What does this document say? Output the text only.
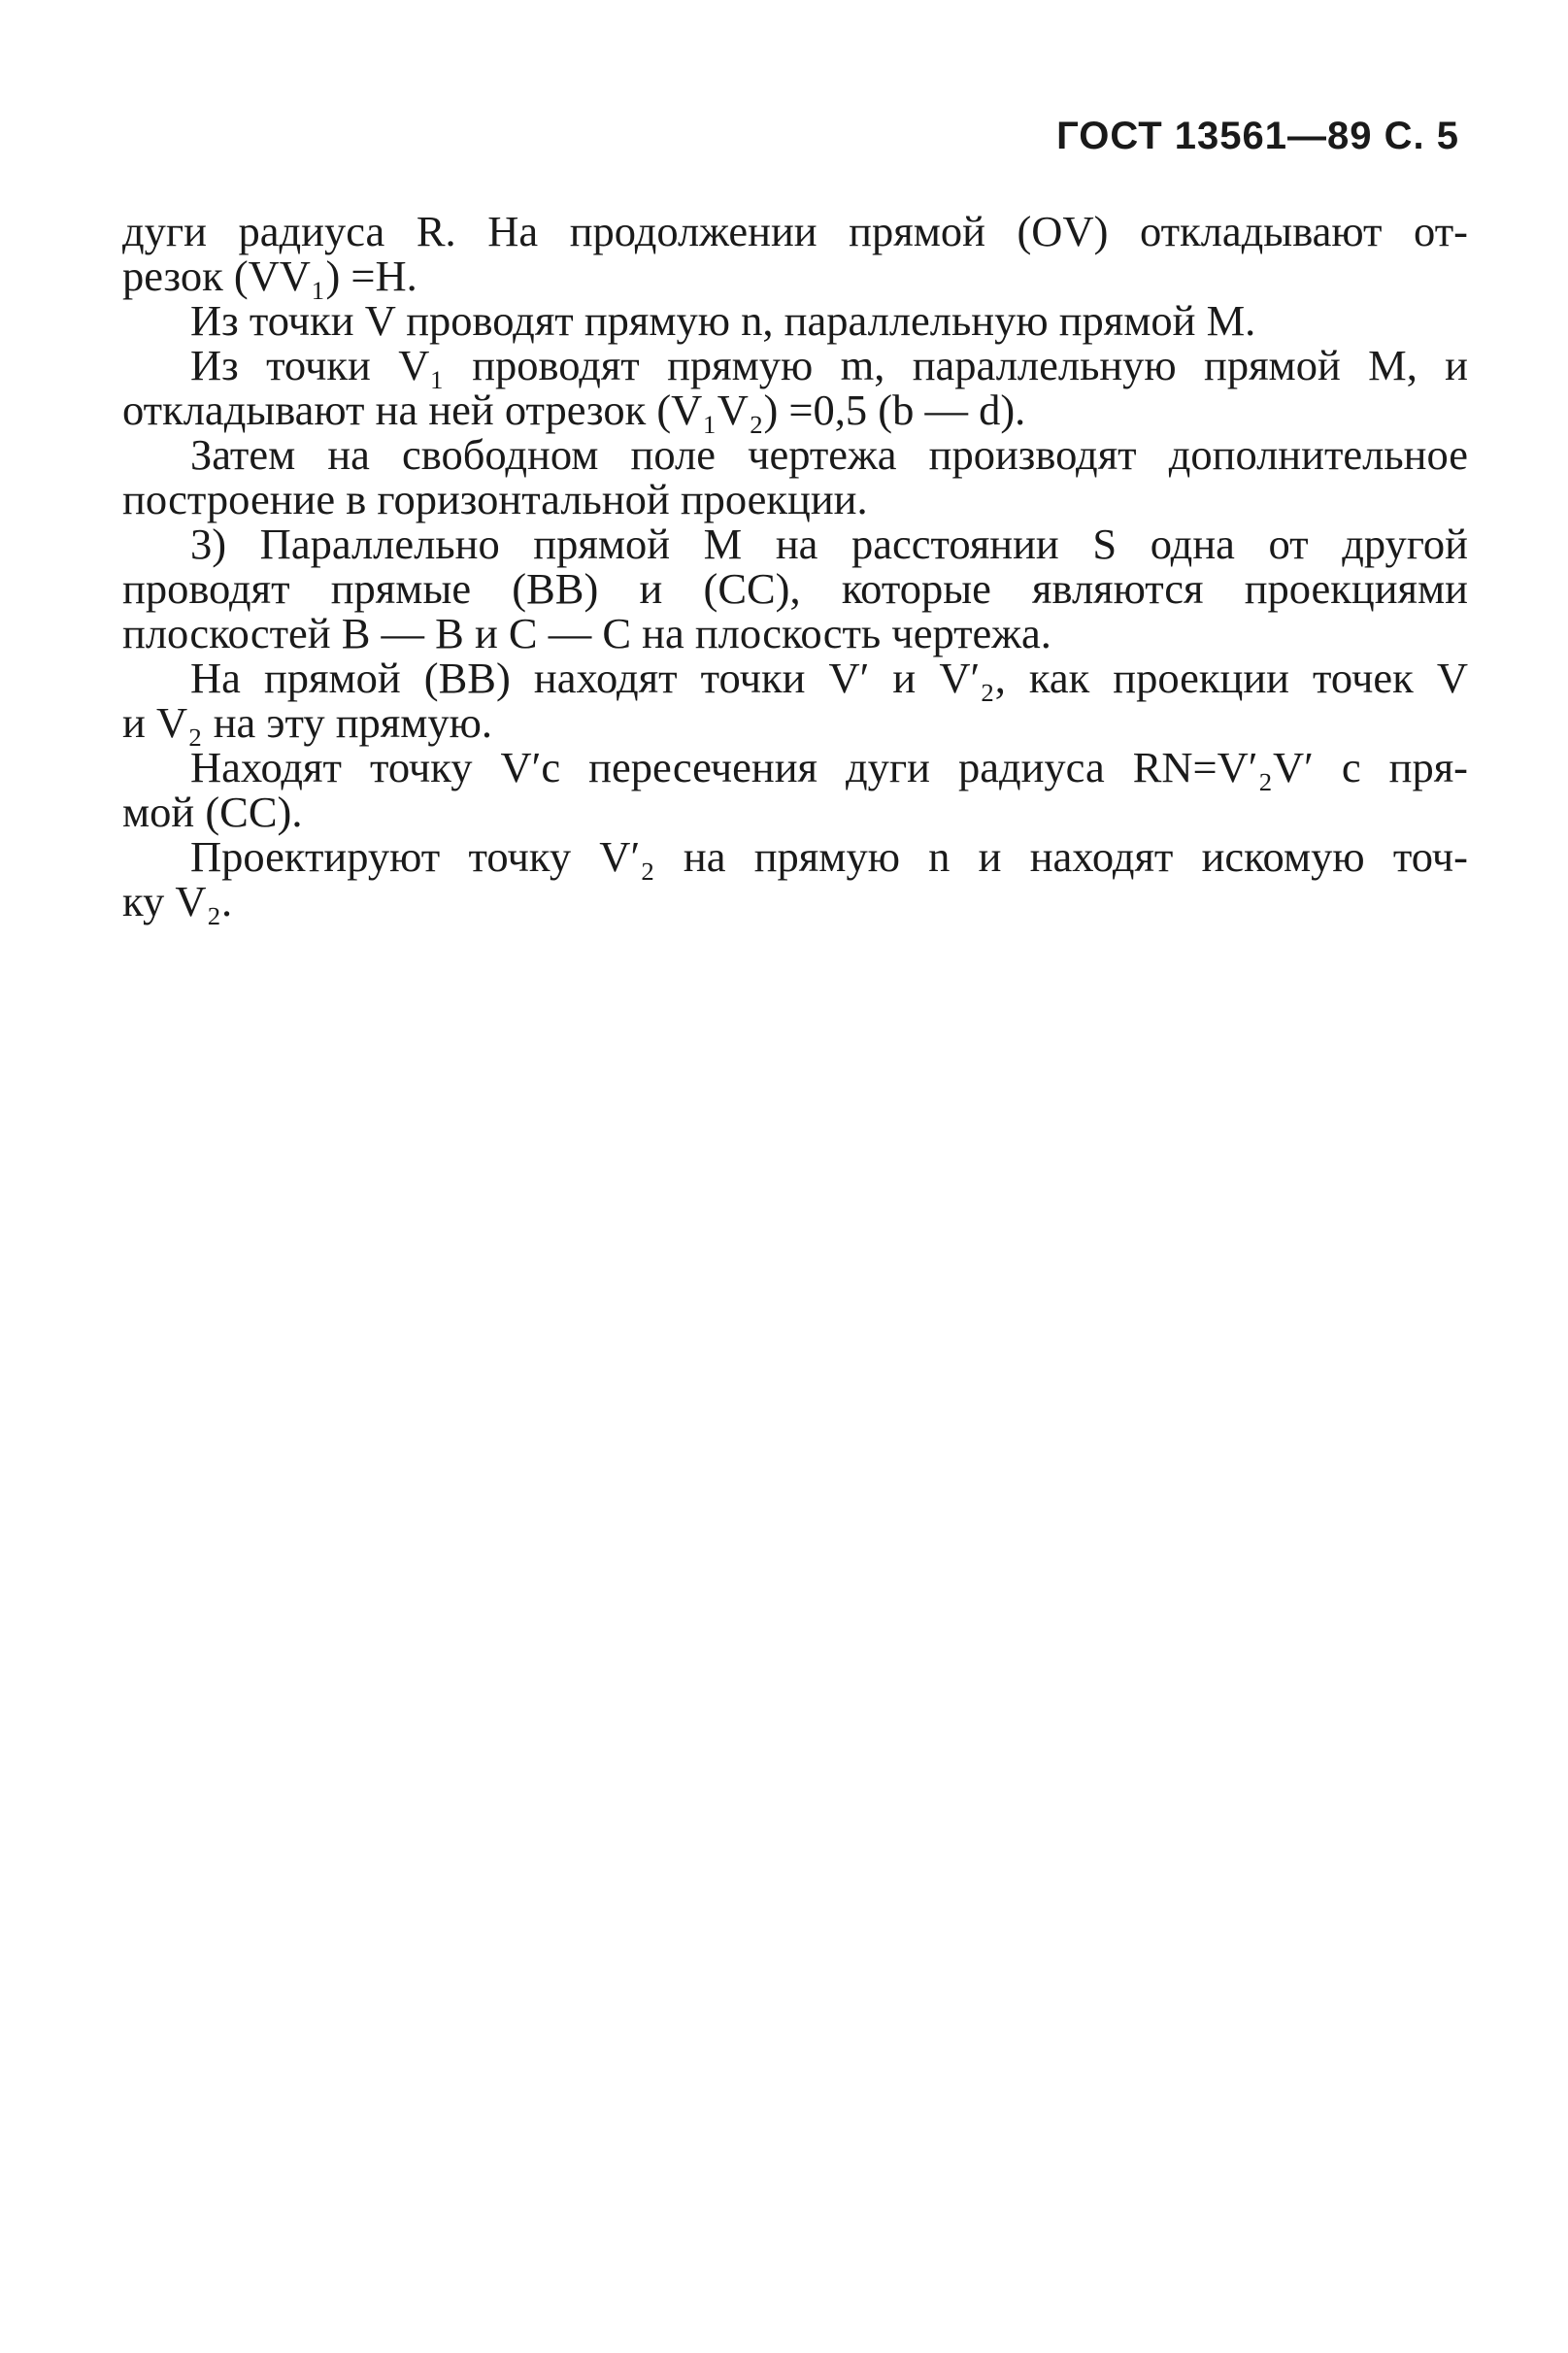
ГОСТ 13561—89 С. 5
дуги радиуса R. На продолжении прямой (OV) откладывают от-
резок (VV₁) =H.
Из точки V проводят прямую n, параллельную прямой M.
Из точки V₁ проводят прямую m, параллельную прямой M, и
откладывают на ней отрезок (V₁V₂) =0,5 (b — d).
Затем на свободном поле чертежа производят дополнительное
построение в горизонтальной проекции.
3) Параллельно прямой M на расстоянии S одна от другой
проводят прямые (BB) и (CC), которые являются проекциями
плоскостей B — B и C — C на плоскость чертежа.
На прямой (BB) находят точки V′ и V′₂, как проекции точек V
и V₂ на эту прямую.
Находят точку V′c пересечения дуги радиуса RN=V′₂V′ с пря-
мой (CC).
Проектируют точку V′₂ на прямую n и находят искомую точ-
ку V₂.
